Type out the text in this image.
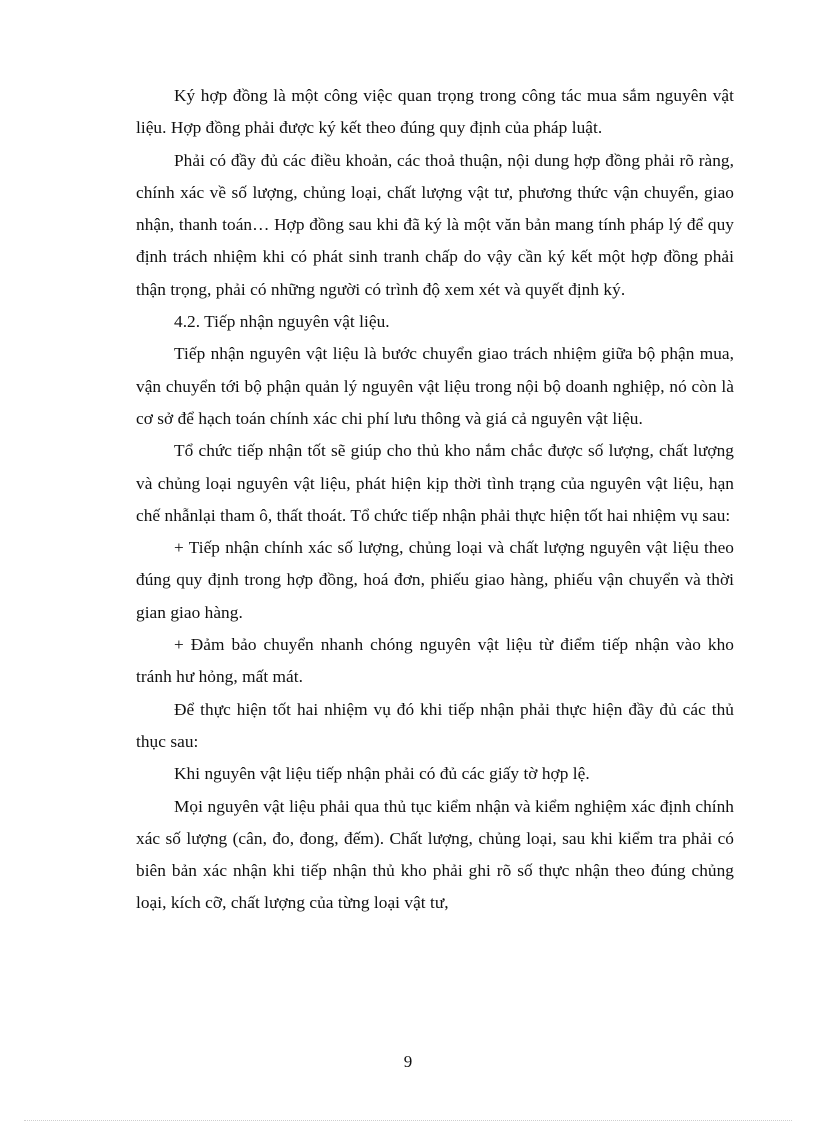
Ký hợp đồng là một công việc quan trọng trong công tác mua sắm nguyên vật liệu. Hợp đồng phải được ký kết theo đúng quy định của pháp luật.

Phải có đầy đủ các điều khoản, các thoả thuận, nội dung hợp đồng phải rõ ràng, chính xác về số lượng, chủng loại, chất lượng vật tư, phương thức vận chuyển, giao nhận, thanh toán… Hợp đồng sau khi đã ký là một văn bản mang tính pháp lý để quy định trách nhiệm khi có phát sinh tranh chấp do vậy cần ký kết một hợp đồng phải thận trọng, phải có những người có trình độ xem xét và quyết định ký.

4.2. Tiếp nhận nguyên vật liệu.

Tiếp nhận nguyên vật liệu là bước chuyển giao trách nhiệm giữa bộ phận mua, vận chuyển tới bộ phận quản lý nguyên vật liệu trong nội bộ doanh nghiệp, nó còn là cơ sở để hạch toán chính xác chi phí lưu thông và giá cả nguyên vật liệu.

Tổ chức tiếp nhận tốt sẽ giúp cho thủ kho nắm chắc được số lượng, chất lượng và chủng loại nguyên vật liệu, phát hiện kịp thời tình trạng của nguyên vật liệu, hạn chế nhẫnlại tham ô, thất thoát. Tổ chức tiếp nhận phải thực hiện tốt hai nhiệm vụ sau:

+ Tiếp nhận chính xác số lượng, chủng loại và chất lượng nguyên vật liệu theo đúng quy định trong hợp đồng, hoá đơn, phiếu giao hàng, phiếu vận chuyển và thời gian giao hàng.

+ Đảm bảo chuyển nhanh chóng nguyên vật liệu từ điểm tiếp nhận vào kho tránh hư hỏng, mất mát.

Để thực hiện tốt hai nhiệm vụ đó khi tiếp nhận phải thực hiện đầy đủ các thủ thục sau:

Khi nguyên vật liệu tiếp nhận phải có đủ các giấy tờ hợp lệ.

Mọi nguyên vật liệu phải qua thủ tục kiểm nhận và kiểm nghiệm xác định chính xác số lượng (cân, đo, đong, đếm). Chất lượng, chủng loại, sau khi kiểm tra phải có biên bản xác nhận khi tiếp nhận thủ kho phải ghi rõ số thực nhận theo đúng chủng loại, kích cỡ, chất lượng của từng loại vật tư,

9
